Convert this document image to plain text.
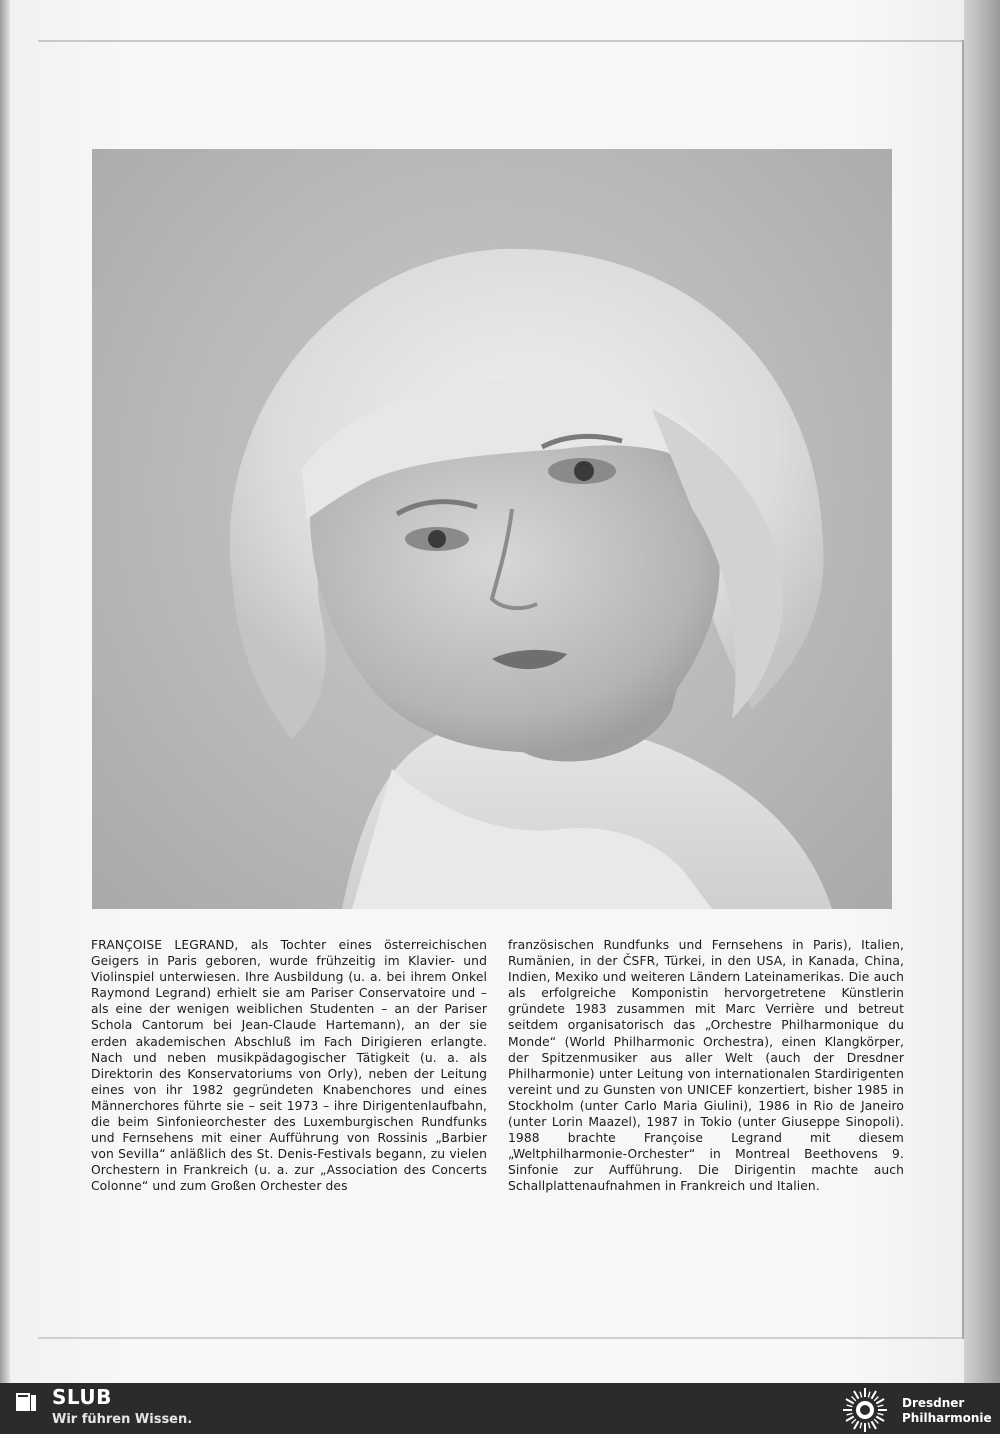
FRANÇOISE LEGRAND, als Tochter eines österreichischen Geigers in Paris geboren, wurde frühzeitig im Klavier- und Violinspiel unterwiesen. Ihre Ausbildung (u. a. bei ihrem Onkel Raymond Legrand) erhielt sie am Pariser Conservatoire und – als eine der wenigen weiblichen Studenten – an der Pariser Schola Cantorum bei Jean-Claude Hartemann), an der sie erden akademischen Abschluß im Fach Dirigieren erlangte. Nach und neben musikpädagogischer Tätigkeit (u. a. als Direktorin des Konservatoriums von Orly), neben der Leitung eines von ihr 1982 gegründeten Knabenchores und eines Männerchores führte sie – seit 1973 – ihre Dirigentenlaufbahn, die beim Sinfonieorchester des Luxemburgischen Rundfunks und Fernsehens mit einer Aufführung von Rossinis „Barbier von Sevilla“ anläßlich des St. Denis-Festivals begann, zu vielen Orchestern in Frankreich (u. a. zur „Association des Concerts Colonne“ und zum Großen Orchester des
französischen Rundfunks und Fernsehens in Paris), Italien, Rumänien, in der ČSFR, Türkei, in den USA, in Kanada, China, Indien, Mexiko und weiteren Ländern Lateinamerikas. Die auch als erfolgreiche Komponistin hervorgetretene Künstlerin gründete 1983 zusammen mit Marc Verrière und betreut seitdem organisatorisch das „Orchestre Philharmonique du Monde“ (World Philharmonic Orchestra), einen Klangkörper, der Spitzenmusiker aus aller Welt (auch der Dresdner Philharmonie) unter Leitung von internationalen Stardirigenten vereint und zu Gunsten von UNICEF konzertiert, bisher 1985 in Stockholm (unter Carlo Maria Giulini), 1986 in Rio de Janeiro (unter Lorin Maazel), 1987 in Tokio (unter Giuseppe Sinopoli). 1988 brachte Françoise Legrand mit diesem „Weltphilharmonie-Orchester“ in Montreal Beethovens 9. Sinfonie zur Aufführung. Die Dirigentin machte auch Schallplattenaufnahmen in Frankreich und Italien.
SLUB
Wir führen Wissen.
Dresdner
Philharmonie
